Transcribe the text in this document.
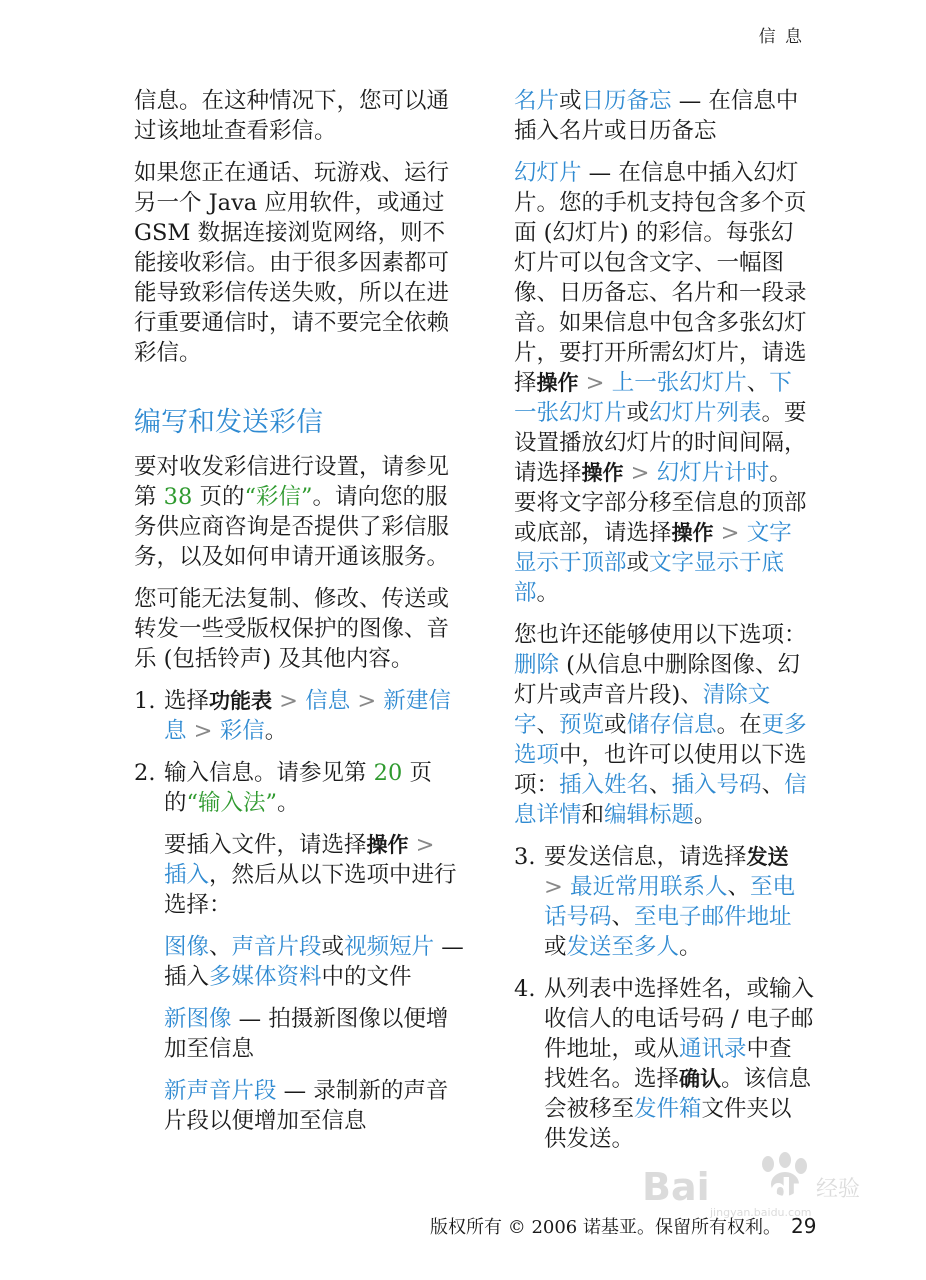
信 息

信息。在这种情况下，您可以通过该地址查看彩信。

如果您正在通话、玩游戏、运行另一个 Java 应用软件，或通过 GSM 数据连接浏览网络，则不能接收彩信。由于很多因素都可能导致彩信传送失败，所以在进行重要通信时，请不要完全依赖彩信。

编写和发送彩信

要对收发彩信进行设置，请参见第 38 页的“彩信”。请向您的服务供应商咨询是否提供了彩信服务，以及如何申请开通该服务。

您可能无法复制、修改、传送或转发一些受版权保护的图像、音乐 (包括铃声) 及其他内容。

1. 选择功能表 > 信息 > 新建信息 > 彩信。
2. 输入信息。请参见第 20 页的“输入法”。

要插入文件，请选择操作 > 插入，然后从以下选项中进行选择：

图像、声音片段或视频短片 — 插入多媒体资料中的文件

新图像 — 拍摄新图像以便增加至信息

新声音片段 — 录制新的声音片段以便增加至信息

名片或日历备忘 — 在信息中插入名片或日历备忘

幻灯片 — 在信息中插入幻灯片。您的手机支持包含多个页面 (幻灯片) 的彩信。每张幻灯片可以包含文字、一幅图像、日历备忘、名片和一段录音。如果信息中包含多张幻灯片，要打开所需幻灯片，请选择操作 > 上一张幻灯片、下一张幻灯片或幻灯片列表。要设置播放幻灯片的时间间隔，请选择操作 > 幻灯片计时。要将文字部分移至信息的顶部或底部，请选择操作 > 文字显示于顶部或文字显示于底部。

您也许还能够使用以下选项：删除 (从信息中删除图像、幻灯片或声音片段)、清除文字、预览或储存信息。在更多选项中，也许可以使用以下选项：插入姓名、插入号码、信息详情和编辑标题。

3. 要发送信息，请选择发送 > 最近常用联系人、至电话号码、至电子邮件地址或发送至多人。
4. 从列表中选择姓名，或输入收信人的电话号码 / 电子邮件地址，或从通讯录中查找姓名。选择确认。该信息会被移至发件箱文件夹以供发送。
Bai du 经验
jingyan.baidu.com
版权所有 © 2006 诺基亚。保留所有权利。 29
